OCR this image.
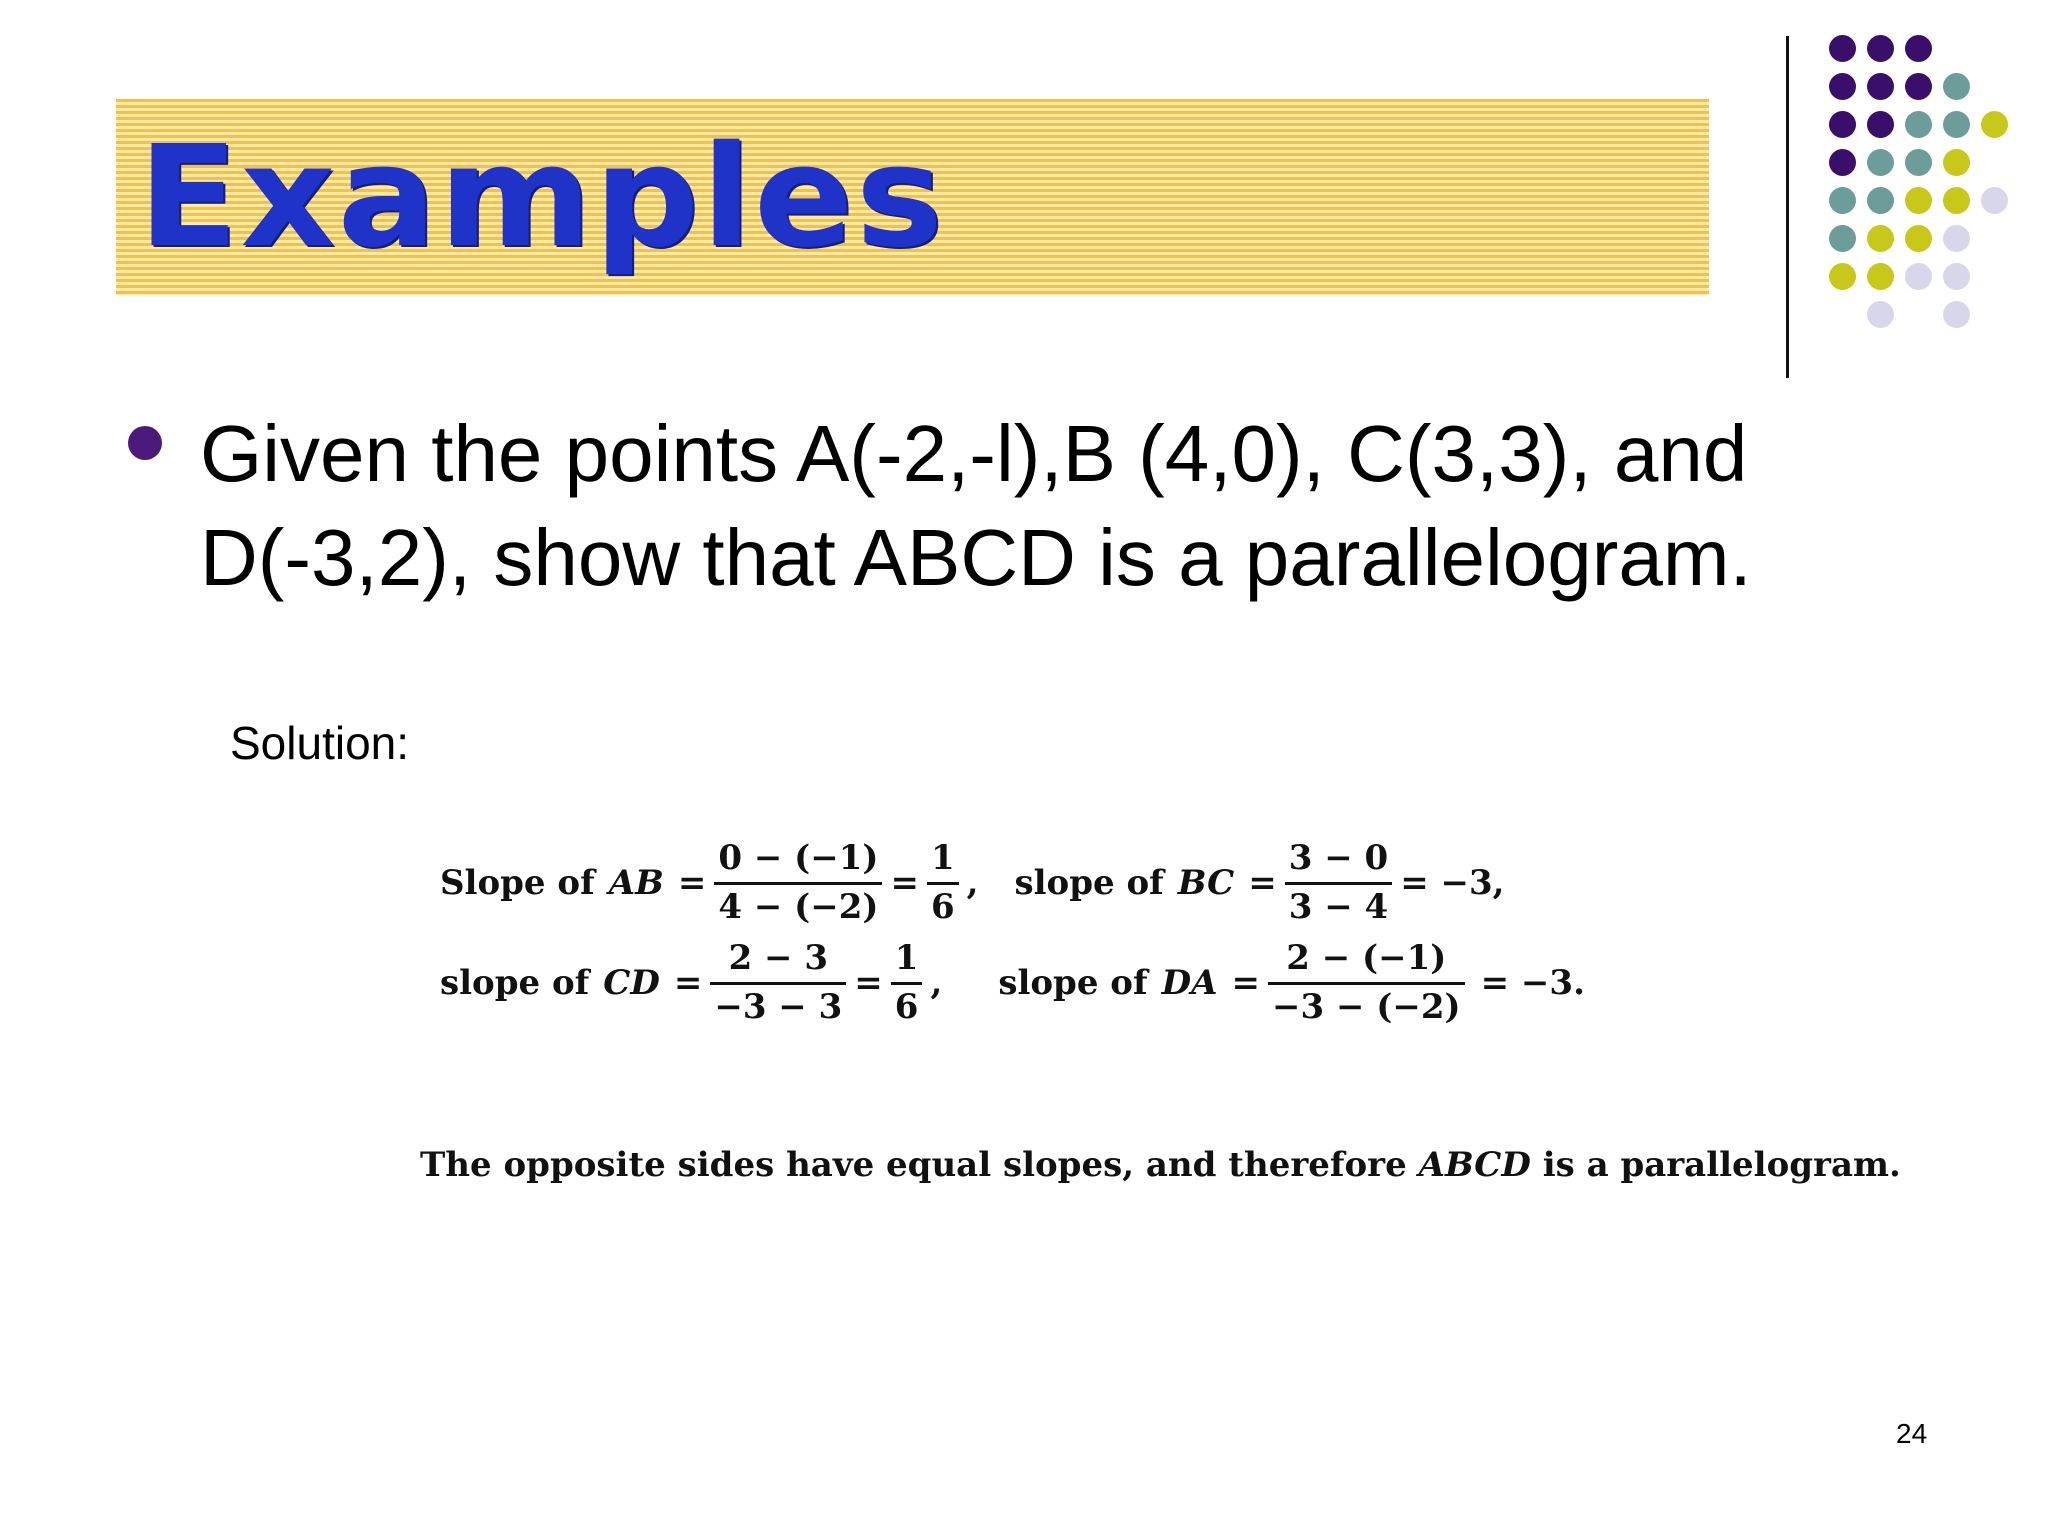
Examples
Given the points A(-2,-l),B (4,0), C(3,3), and D(-3,2), show that ABCD is a parallelogram.
Solution:
Slope of AB = $\frac{0 - (-1)}{4 - (-2)} = \frac{1}{6}$ , slope of BC = $\frac{3 - 0}{3 - 4} = -3$,
slope of CD = $\frac{2 - 3}{-3 - 3} = \frac{1}{6}$ , slope of DA = $\frac{2 - (-1)}{-3 - (-2)} = -3$.
The opposite sides have equal slopes, and therefore ABCD is a parallelogram.
24
